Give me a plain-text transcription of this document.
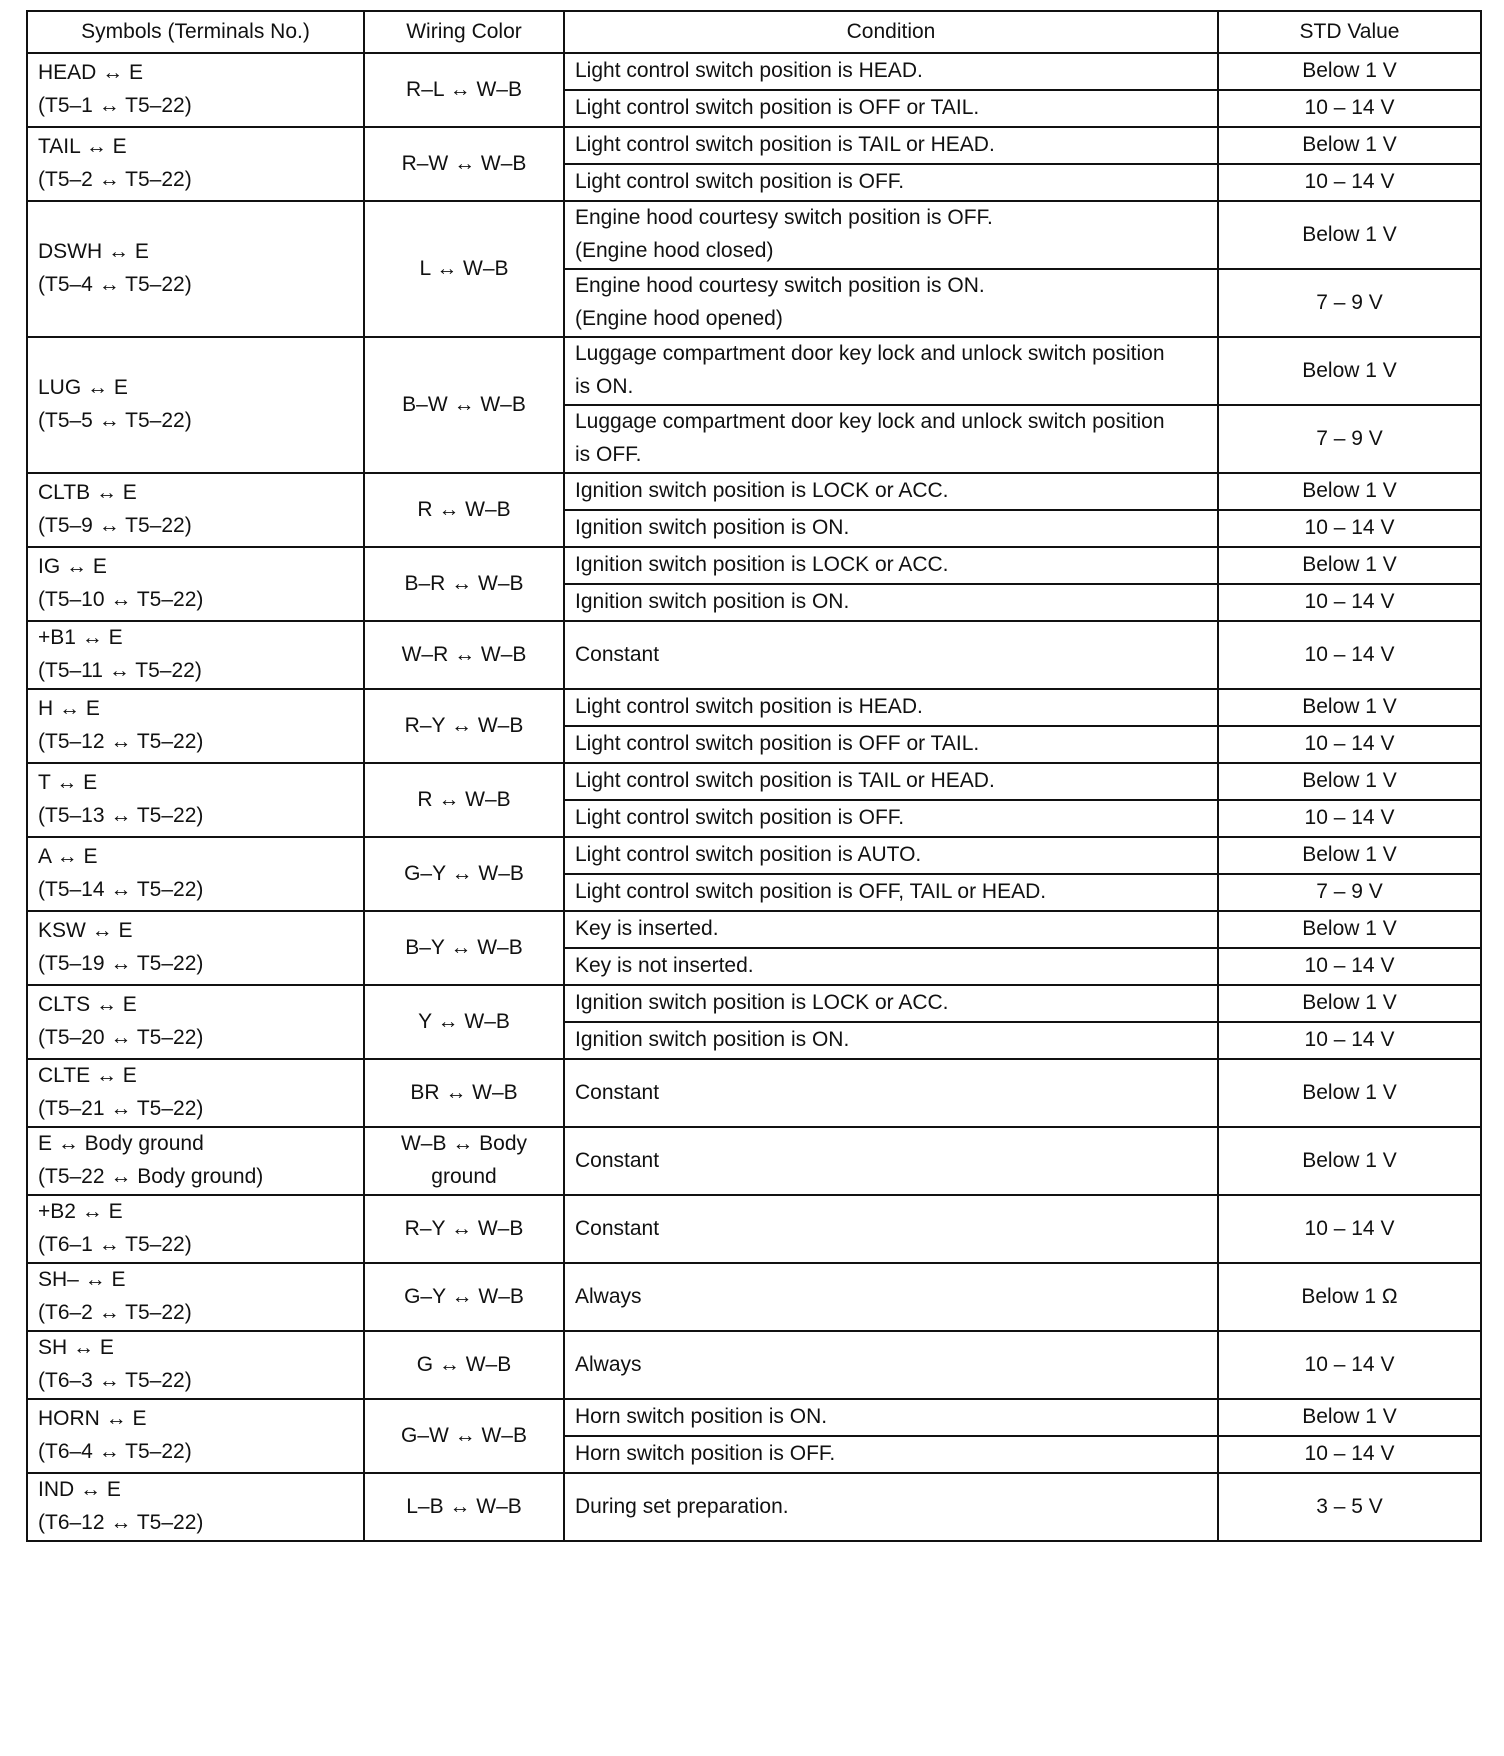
Symbols (Terminals No.)	Wiring Color	Condition	STD Value

HEAD ↔ E
(T5–1 ↔ T5–22)	R–L ↔ W–B	Light control switch position is HEAD.	Below 1 V

		Light control switch position is OFF or TAIL.	10 – 14 V

TAIL ↔ E
(T5–2 ↔ T5–22)	R–W ↔ W–B	Light control switch position is TAIL or HEAD.	Below 1 V

		Light control switch position is OFF.	10 – 14 V

DSWH ↔ E
(T5–4 ↔ T5–22)	L ↔ W–B	Engine hood courtesy switch position is OFF.
(Engine hood closed)	Below 1 V

		Engine hood courtesy switch position is ON.
(Engine hood opened)	7 – 9 V

LUG ↔ E
(T5–5 ↔ T5–22)	B–W ↔ W–B	Luggage compartment door key lock and unlock switch position
is ON.	Below 1 V

		Luggage compartment door key lock and unlock switch position
is OFF.	7 – 9 V

CLTB ↔ E
(T5–9 ↔ T5–22)	R ↔ W–B	Ignition switch position is LOCK or ACC.	Below 1 V

		Ignition switch position is ON.	10 – 14 V

IG ↔ E
(T5–10 ↔ T5–22)	B–R ↔ W–B	Ignition switch position is LOCK or ACC.	Below 1 V

		Ignition switch position is ON.	10 – 14 V

+B1 ↔ E
(T5–11 ↔ T5–22)	W–R ↔ W–B	Constant	10 – 14 V

H ↔ E
(T5–12 ↔ T5–22)	R–Y ↔ W–B	Light control switch position is HEAD.	Below 1 V

		Light control switch position is OFF or TAIL.	10 – 14 V

T ↔ E
(T5–13 ↔ T5–22)	R ↔ W–B	Light control switch position is TAIL or HEAD.	Below 1 V

		Light control switch position is OFF.	10 – 14 V

A ↔ E
(T5–14 ↔ T5–22)	G–Y ↔ W–B	Light control switch position is AUTO.	Below 1 V

		Light control switch position is OFF, TAIL or HEAD.	7 – 9 V

KSW ↔ E
(T5–19 ↔ T5–22)	B–Y ↔ W–B	Key is inserted.	Below 1 V

		Key is not inserted.	10 – 14 V

CLTS ↔ E
(T5–20 ↔ T5–22)	Y ↔ W–B	Ignition switch position is LOCK or ACC.	Below 1 V

		Ignition switch position is ON.	10 – 14 V

CLTE ↔ E
(T5–21 ↔ T5–22)	BR ↔ W–B	Constant	Below 1 V

E ↔ Body ground
(T5–22 ↔ Body ground)	W–B ↔ Body
ground	Constant	Below 1 V

+B2 ↔ E
(T6–1 ↔ T5–22)	R–Y ↔ W–B	Constant	10 – 14 V

SH– ↔ E
(T6–2 ↔ T5–22)	G–Y ↔ W–B	Always	Below 1 Ω

SH ↔ E
(T6–3 ↔ T5–22)	G ↔ W–B	Always	10 – 14 V

HORN ↔ E
(T6–4 ↔ T5–22)	G–W ↔ W–B	Horn switch position is ON.	Below 1 V

		Horn switch position is OFF.	10 – 14 V

IND ↔ E
(T6–12 ↔ T5–22)	L–B ↔ W–B	During set preparation.	3 – 5 V
